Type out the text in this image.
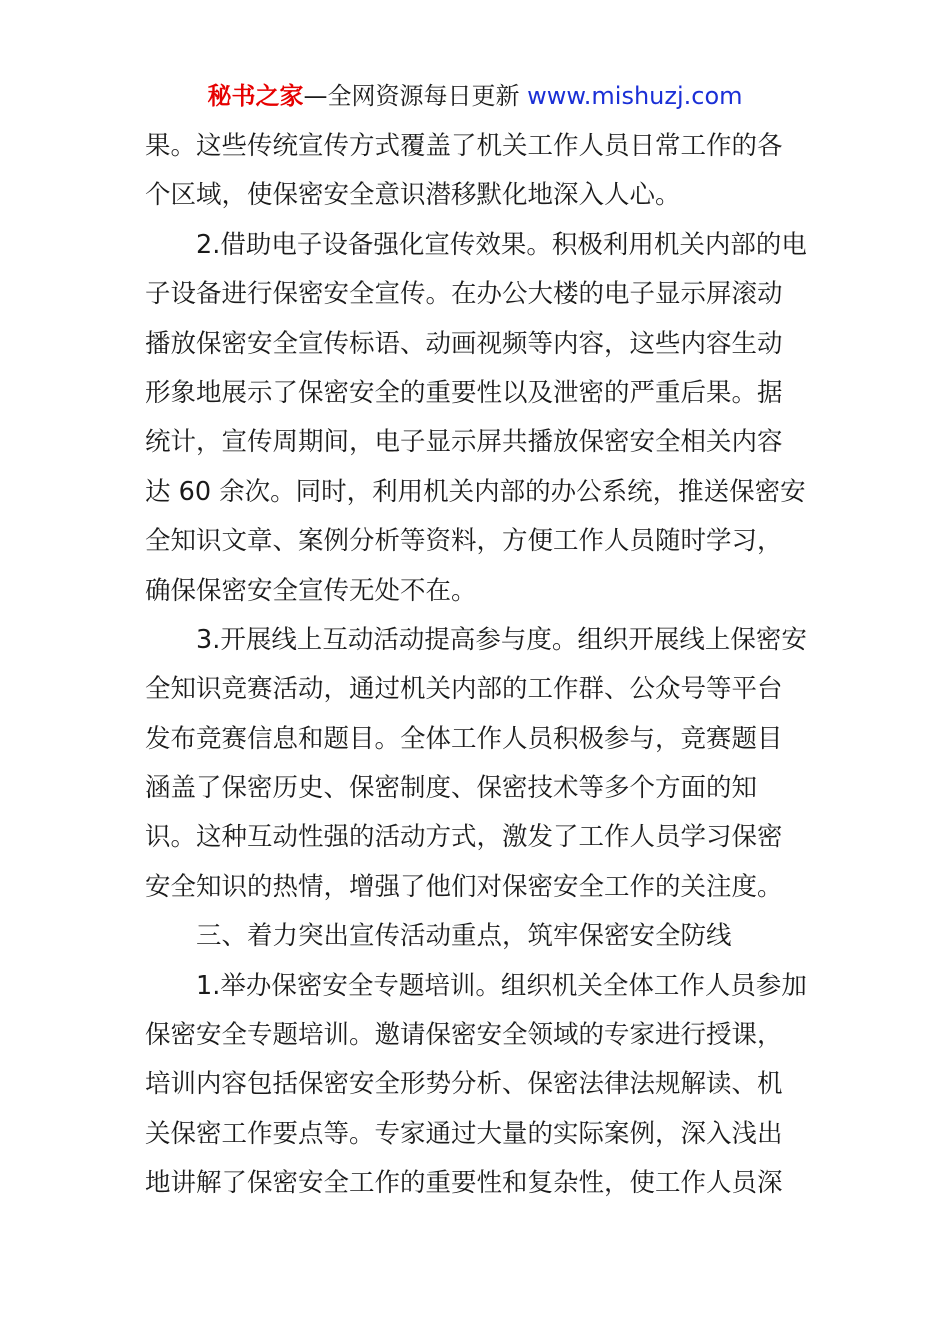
秘书之家—全网资源每日更新 www.mishuzj.com
果。这些传统宣传方式覆盖了机关工作人员日常工作的各
个区域，使保密安全意识潜移默化地深入人心。
2.借助电子设备强化宣传效果。积极利用机关内部的电
子设备进行保密安全宣传。在办公大楼的电子显示屏滚动
播放保密安全宣传标语、动画视频等内容，这些内容生动
形象地展示了保密安全的重要性以及泄密的严重后果。据
统计，宣传周期间，电子显示屏共播放保密安全相关内容
达 60 余次。同时，利用机关内部的办公系统，推送保密安
全知识文章、案例分析等资料，方便工作人员随时学习，
确保保密安全宣传无处不在。
3.开展线上互动活动提高参与度。组织开展线上保密安
全知识竞赛活动，通过机关内部的工作群、公众号等平台
发布竞赛信息和题目。全体工作人员积极参与，竞赛题目
涵盖了保密历史、保密制度、保密技术等多个方面的知
识。这种互动性强的活动方式，激发了工作人员学习保密
安全知识的热情，增强了他们对保密安全工作的关注度。
三、着力突出宣传活动重点，筑牢保密安全防线
1.举办保密安全专题培训。组织机关全体工作人员参加
保密安全专题培训。邀请保密安全领域的专家进行授课，
培训内容包括保密安全形势分析、保密法律法规解读、机
关保密工作要点等。专家通过大量的实际案例，深入浅出
地讲解了保密安全工作的重要性和复杂性，使工作人员深
